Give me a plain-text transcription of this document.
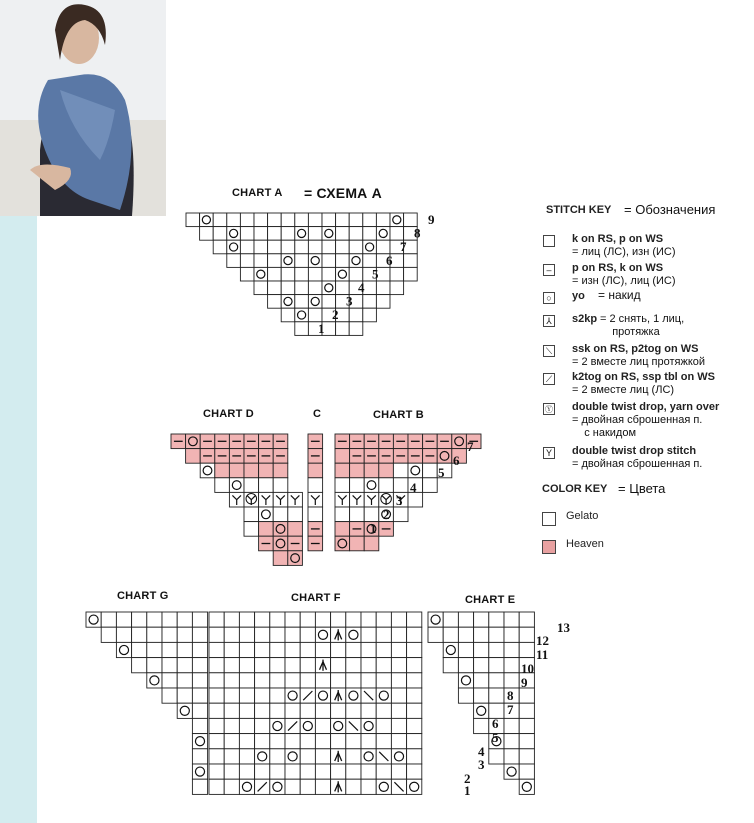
CHART A = СХЕМА А
CHART D	C	CHART B
CHART G	CHART F	CHART E
9
8
7
6
5
4
3
2
1
7
6
5
4
3
2
1
13
12
11
10
9
8
7
6
5
4
3
2
1
STITCH KEY = Обозначения
k on RS, p on WS
= лиц (ЛС), изн (ИС)
–	p on RS, k on WS
= изн (ЛС), лиц (ИС)
○ yo = накид
⅄ s2kp = 2 снять, 1 лиц,
протяжка
⟍ ssk on RS, p2tog on WS
= 2 вместе лиц протяжкой
⟋ k2tog on RS, ssp tbl on WS
= 2 вместе лиц (ЛС)
Ⓨ double twist drop, yarn over
= двойная сброшенная п.
с накидом
Y double twist drop stitch
= двойная сброшенная п.
COLOR KEY = Цвета
Gelato
Heaven
